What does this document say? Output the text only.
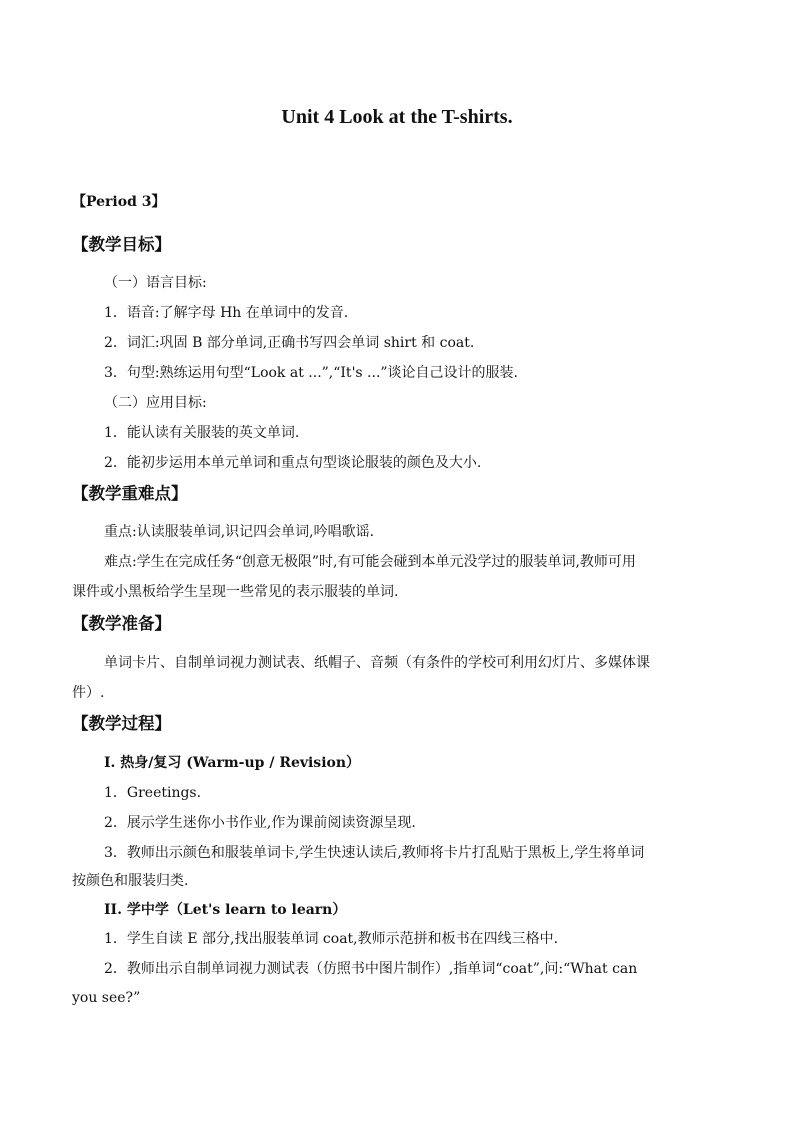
Unit 4 Look at the T-shirts.
【Period 3】
【教学目标】
（一）语言目标:
1．语音:了解字母 Hh 在单词中的发音.
2．词汇:巩固 B 部分单词,正确书写四会单词 shirt 和 coat.
3．句型:熟练运用句型“Look at ...”,“It's ...”谈论自己设计的服装.
（二）应用目标:
1．能认读有关服装的英文单词.
2．能初步运用本单元单词和重点句型谈论服装的颜色及大小.
【教学重难点】
重点:认读服装单词,识记四会单词,吟唱歌谣.
难点:学生在完成任务“创意无极限”时,有可能会碰到本单元没学过的服装单词,教师可用
课件或小黑板给学生呈现一些常见的表示服装的单词.
【教学准备】
单词卡片、自制单词视力测试表、纸帽子、音频（有条件的学校可利用幻灯片、多媒体课
件）.
【教学过程】
I. 热身/复习 (Warm-up / Revision）
1．Greetings.
2．展示学生迷你小书作业,作为课前阅读资源呈现.
3．教师出示颜色和服装单词卡,学生快速认读后,教师将卡片打乱贴于黑板上,学生将单词
按颜色和服装归类.
II. 学中学（Let's learn to learn）
1．学生自读 E 部分,找出服装单词 coat,教师示范拼和板书在四线三格中.
2．教师出示自制单词视力测试表（仿照书中图片制作）,指单词“coat”,问:“What can
you see?”
